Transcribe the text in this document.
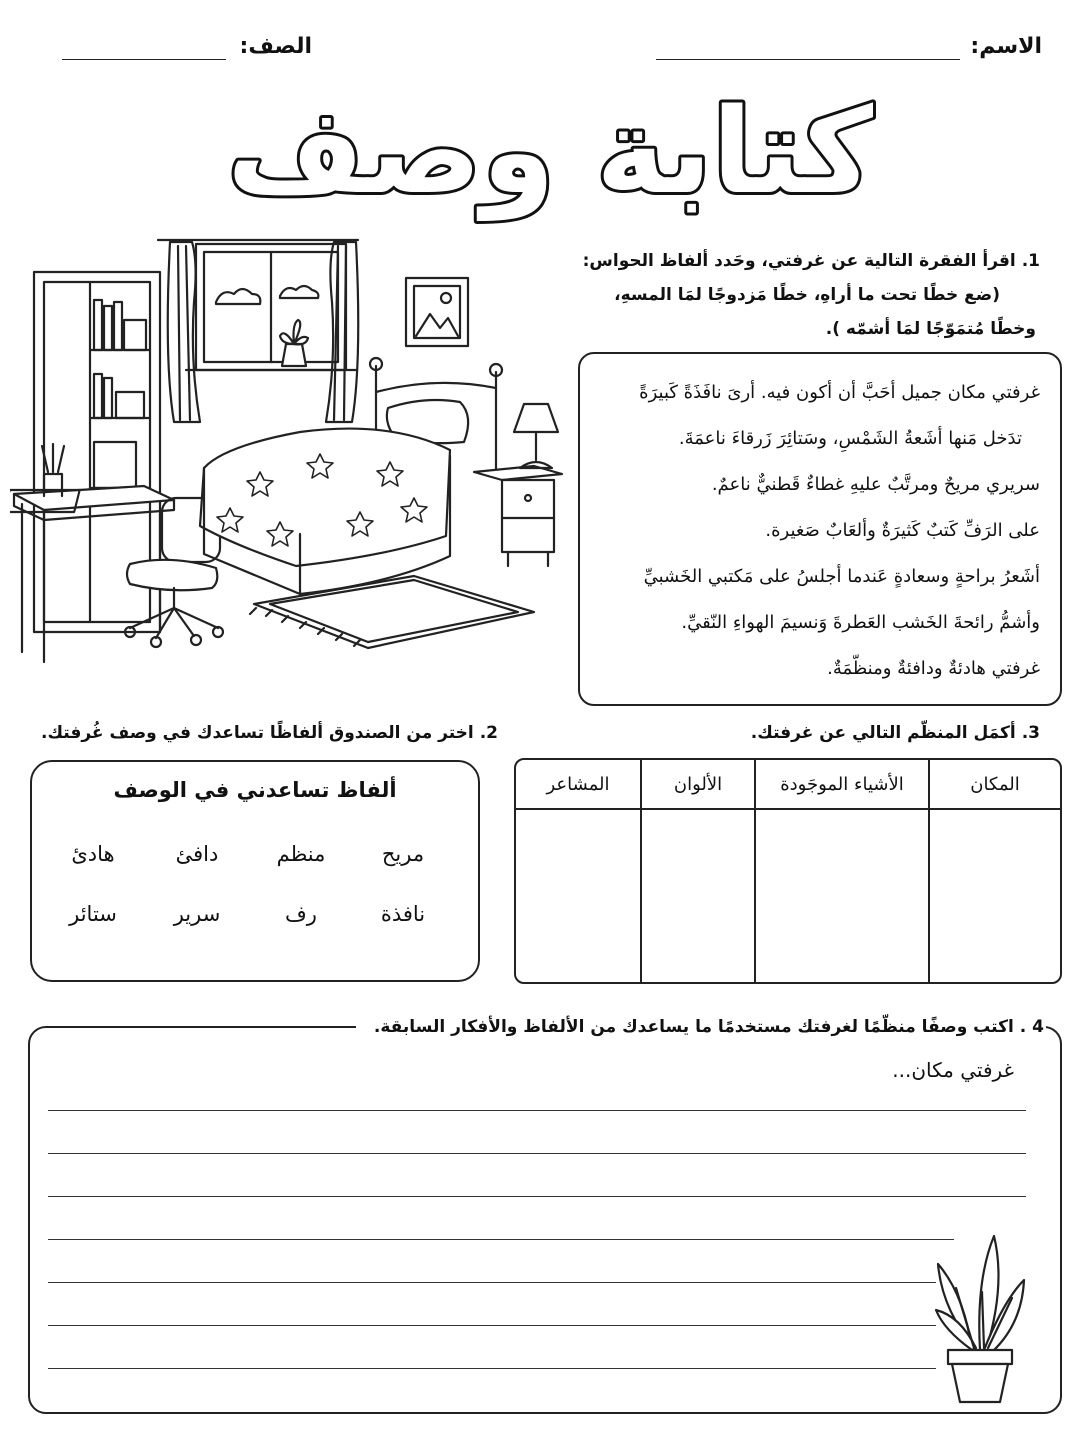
الاسم:
الصف:
كتابة وصف
1. اقرأ الفقرة التالية عن غرفتي، وحَدد ألفاظ الحواس:
(ضع خطًا تحت ما أراهِ، خطًا مَزدوجًا لمَا المسهِ،
وخطًا مُتمَوّجًا لمَا أشمّه ).
غرفتي مكان جميل أحَبَّ أن أكون فيه. أرىَ نافَذَةً كَبيرَةً
تدَخل مَنها أشَعةُ الشَمْسِ، وسَتائِرَ زَرقاءَ ناعمَةَ.
سريري مريحٌ ومرتَّبٌ عليهِ غطاءٌ قَطنيٌّ ناعمٌ.
على الرَفِّ كَتبٌ كَثيرَةٌ وألعَابٌ صَغيرة.
أشَعرُ براحةٍ وسعادةٍ عَندما أجلسُ على مَكتبي الخَشبيِّ
وأشمُّ رائحةَ الخَشب العَطرةَ وَنسيمَ الهواءِ النّقيِّ.
غرفتي هادئةٌ ودافئةٌ ومنظّمَةٌ.
2. اختر من الصندوق ألفاظًا تساعدك في وصف غُرفتك.
ألفاظ تساعدني في الوصف
مريح
منظم
دافئ
هادئ
نافذة
رف
سرير
ستائر
3. أكمَل المنظّم التالي عن غرفتك.
المكان	الأشياء الموجَودة	الألوان	المشاعر

4 . اكتب وصفًا منظّمًا لغرفتك مستخدمًا ما يساعدك من الألفاظ والأفكار السابقة.
غرفتي مكان...
